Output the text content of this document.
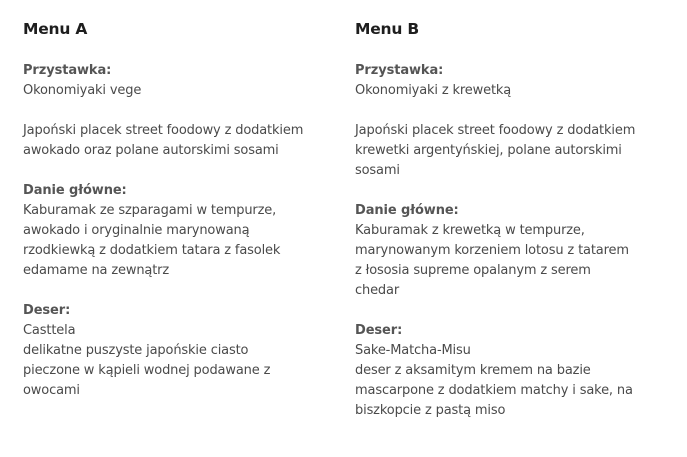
Menu A
Przystawka:
Okonomiyaki vege
Japoński placek street foodowy z dodatkiem
awokado oraz polane autorskimi sosami
Danie główne:
Kaburamak ze szparagami w tempurze,
awokado i oryginalnie marynowaną
rzodkiewką z dodatkiem tatara z fasolek
edamame na zewnątrz
Deser:
Casttela
delikatne puszyste japońskie ciasto
pieczone w kąpieli wodnej podawane z
owocami
Menu B
Przystawka:
Okonomiyaki z krewetką
Japoński placek street foodowy z dodatkiem
krewetki argentyńskiej, polane autorskimi
sosami
Danie główne:
Kaburamak z krewetką w tempurze,
marynowanym korzeniem lotosu z tatarem
z łososia supreme opalanym z serem
chedar
Deser:
Sake-Matcha-Misu
deser z aksamitym kremem na bazie
mascarpone z dodatkiem matchy i sake, na
biszkopcie z pastą miso
